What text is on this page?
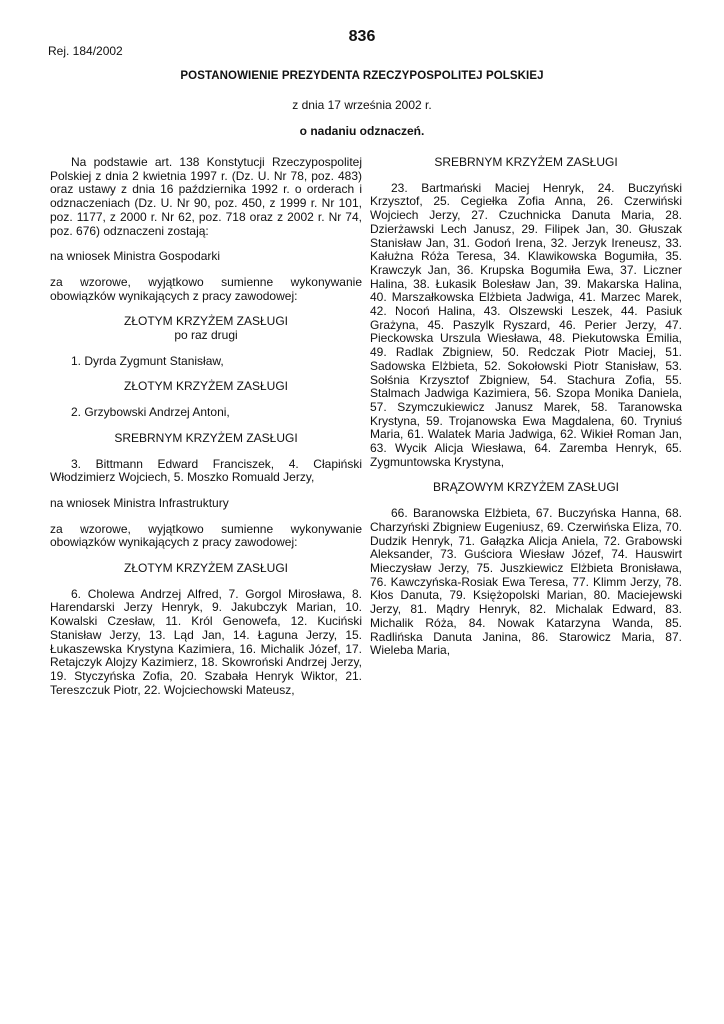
836
Rej. 184/2002
POSTANOWIENIE PREZYDENTA RZECZYPOSPOLITEJ POLSKIEJ
z dnia 17 września 2002 r.
o nadaniu odznaczeń.

Na podstawie art. 138 Konstytucji Rzeczypospolitej Polskiej z dnia 2 kwietnia 1997 r. (Dz. U. Nr 78, poz. 483) oraz ustawy z dnia 16 października 1992 r. o orderach i odznaczeniach (Dz. U. Nr 90, poz. 450, z 1999 r. Nr 101, poz. 1177, z 2000 r. Nr 62, poz. 718 oraz z 2002 r. Nr 74, poz. 676) odznaczeni zostają:

na wniosek Ministra Gospodarki

za wzorowe, wyjątkowo sumienne wykonywanie obowiązków wynikających z pracy zawodowej:

ZŁOTYM KRZYŻEM ZASŁUGI

po raz drugi

1. Dyrda Zygmunt Stanisław,

ZŁOTYM KRZYŻEM ZASŁUGI

2. Grzybowski Andrzej Antoni,

SREBRNYM KRZYŻEM ZASŁUGI

3. Bittmann Edward Franciszek, 4. Cłapiński Włodzimierz Wojciech, 5. Moszko Romuald Jerzy,

na wniosek Ministra Infrastruktury

za wzorowe, wyjątkowo sumienne wykonywanie obowiązków wynikających z pracy zawodowej:

ZŁOTYM KRZYŻEM ZASŁUGI

6. Cholewa Andrzej Alfred, 7. Gorgol Mirosława, 8. Harendarski Jerzy Henryk, 9. Jakubczyk Marian, 10. Kowalski Czesław, 11. Król Genowefa, 12. Kuciński Stanisław Jerzy, 13. Ląd Jan, 14. Łaguna Jerzy, 15. Łukaszewska Krystyna Kazimiera, 16. Michalik Józef, 17. Retajczyk Alojzy Kazimierz, 18. Skowroński Andrzej Jerzy, 19. Styczyńska Zofia, 20. Szabała Henryk Wiktor, 21. Tereszczuk Piotr, 22. Wojciechowski Mateusz,

SREBRNYM KRZYŻEM ZASŁUGI

23. Bartmański Maciej Henryk, 24. Buczyński Krzysztof, 25. Cegiełka Zofia Anna, 26. Czerwiński Wojciech Jerzy, 27. Czuchnicka Danuta Maria, 28. Dzierżawski Lech Janusz, 29. Filipek Jan, 30. Głuszak Stanisław Jan, 31. Godoń Irena, 32. Jerzyk Ireneusz, 33. Kałużna Róża Teresa, 34. Klawikowska Bogumiła, 35. Krawczyk Jan, 36. Krupska Bogumiła Ewa, 37. Liczner Halina, 38. Łukasik Bolesław Jan, 39. Makarska Halina, 40. Marszałkowska Elżbieta Jadwiga, 41. Marzec Marek, 42. Nocoń Halina, 43. Olszewski Leszek, 44. Pasiuk Grażyna, 45. Paszylk Ryszard, 46. Perier Jerzy, 47. Pieckowska Urszula Wiesława, 48. Piekutowska Emilia, 49. Radlak Zbigniew, 50. Redczak Piotr Maciej, 51. Sadowska Elżbieta, 52. Sokołowski Piotr Stanisław, 53. Sołśnia Krzysztof Zbigniew, 54. Stachura Zofia, 55. Stalmach Jadwiga Kazimiera, 56. Szopa Monika Daniela, 57. Szymczukiewicz Janusz Marek, 58. Taranowska Krystyna, 59. Trojanowska Ewa Magdalena, 60. Tryniuś Maria, 61. Walatek Maria Jadwiga, 62. Wikieł Roman Jan, 63. Wycik Alicja Wiesława, 64. Zaremba Henryk, 65. Zygmuntowska Krystyna,

BRĄZOWYM KRZYŻEM ZASŁUGI

66. Baranowska Elżbieta, 67. Buczyńska Hanna, 68. Charzyński Zbigniew Eugeniusz, 69. Czerwińska Eliza, 70. Dudzik Henryk, 71. Gałązka Alicja Aniela, 72. Grabowski Aleksander, 73. Guściora Wiesław Józef, 74. Hauswirt Mieczysław Jerzy, 75. Juszkiewicz Elżbieta Bronisława, 76. Kawczyńska-Rosiak Ewa Teresa, 77. Klimm Jerzy, 78. Kłos Danuta, 79. Księżopolski Marian, 80. Maciejewski Jerzy, 81. Mądry Henryk, 82. Michalak Edward, 83. Michalik Róża, 84. Nowak Katarzyna Wanda, 85. Radlińska Danuta Janina, 86. Starowicz Maria, 87. Wieleba Maria,
